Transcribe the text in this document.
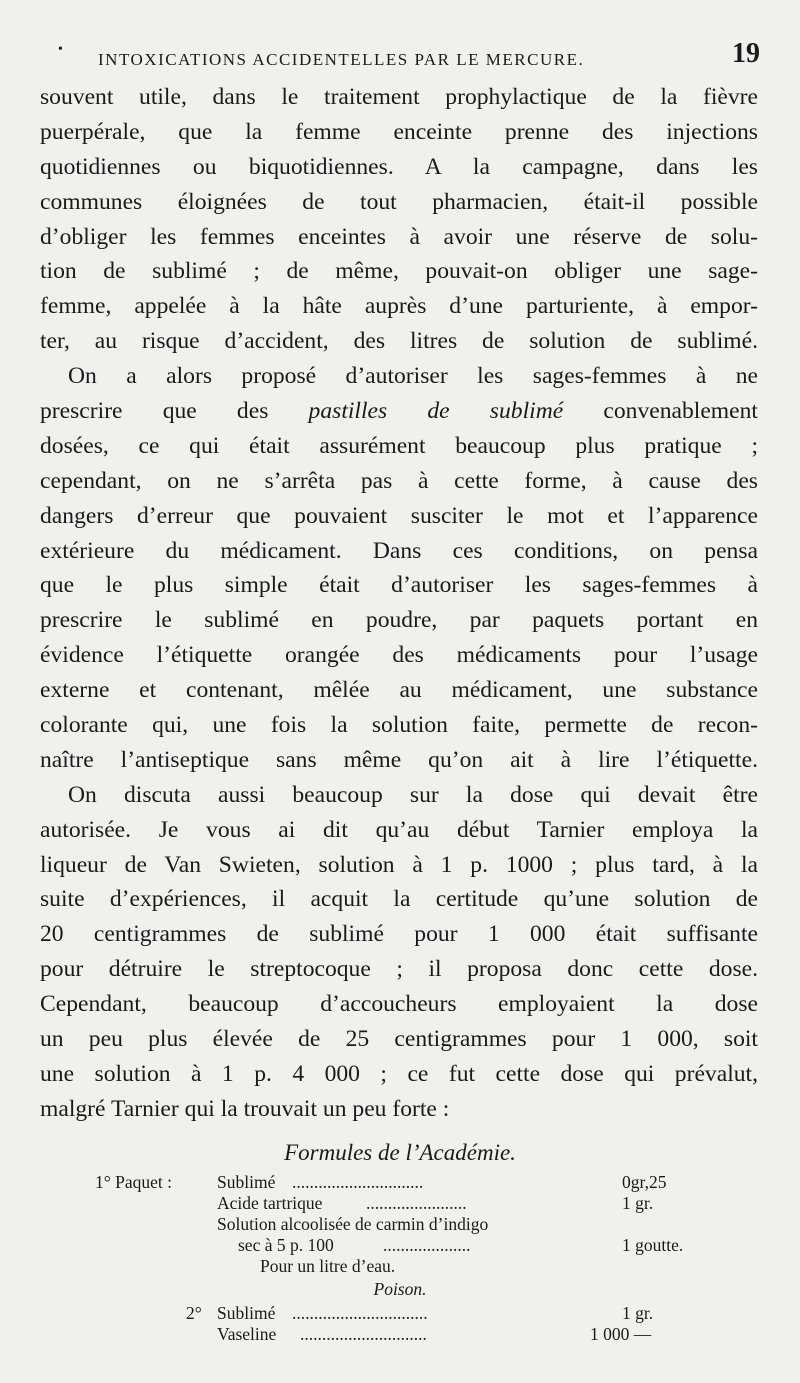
•
INTOXICATIONS ACCIDENTELLES PAR LE MERCURE.	19
souvent utile, dans le traitement prophylactique de la fièvre
puerpérale, que la femme enceinte prenne des injections
quotidiennes ou biquotidiennes. A la campagne, dans les
communes éloignées de tout pharmacien, était-il possible
d’obliger les femmes enceintes à avoir une réserve de solu-
tion de sublimé ; de même, pouvait-on obliger une sage-
femme, appelée à la hâte auprès d’une parturiente, à empor-
ter, au risque d’accident, des litres de solution de sublimé.
On a alors proposé d’autoriser les sages-femmes à ne
prescrire que des pastilles de sublimé convenablement
dosées, ce qui était assurément beaucoup plus pratique ;
cependant, on ne s’arrêta pas à cette forme, à cause des
dangers d’erreur que pouvaient susciter le mot et l’apparence
extérieure du médicament. Dans ces conditions, on pensa
que le plus simple était d’autoriser les sages-femmes à
prescrire le sublimé en poudre, par paquets portant en
évidence l’étiquette orangée des médicaments pour l’usage
externe et contenant, mêlée au médicament, une substance
colorante qui, une fois la solution faite, permette de recon-
naître l’antiseptique sans même qu’on ait à lire l’étiquette.
On discuta aussi beaucoup sur la dose qui devait être
autorisée. Je vous ai dit qu’au début Tarnier employa la
liqueur de Van Swieten, solution à 1 p. 1000 ; plus tard, à la
suite d’expériences, il acquit la certitude qu’une solution de
20 centigrammes de sublimé pour 1 000 était suffisante
pour détruire le streptocoque ; il proposa donc cette dose.
Cependant, beaucoup d’accoucheurs employaient la dose
un peu plus élevée de 25 centigrammes pour 1 000, soit
une solution à 1 p. 4 000 ; ce fut cette dose qui prévalut,
malgré Tarnier qui la trouvait un peu forte :
Formules de l’Académie.
1° Paquet :	Sublimé ..............................	0gr,25
Acide tartrique .......................	1 gr.
Solution alcoolisée de carmin d’indigo
sec à 5 p. 100	....................	1 goutte.
Pour un litre d’eau.
Poison.
2° Sublimé ...............................	1 gr.
Vaseline .............................	1 000 —
